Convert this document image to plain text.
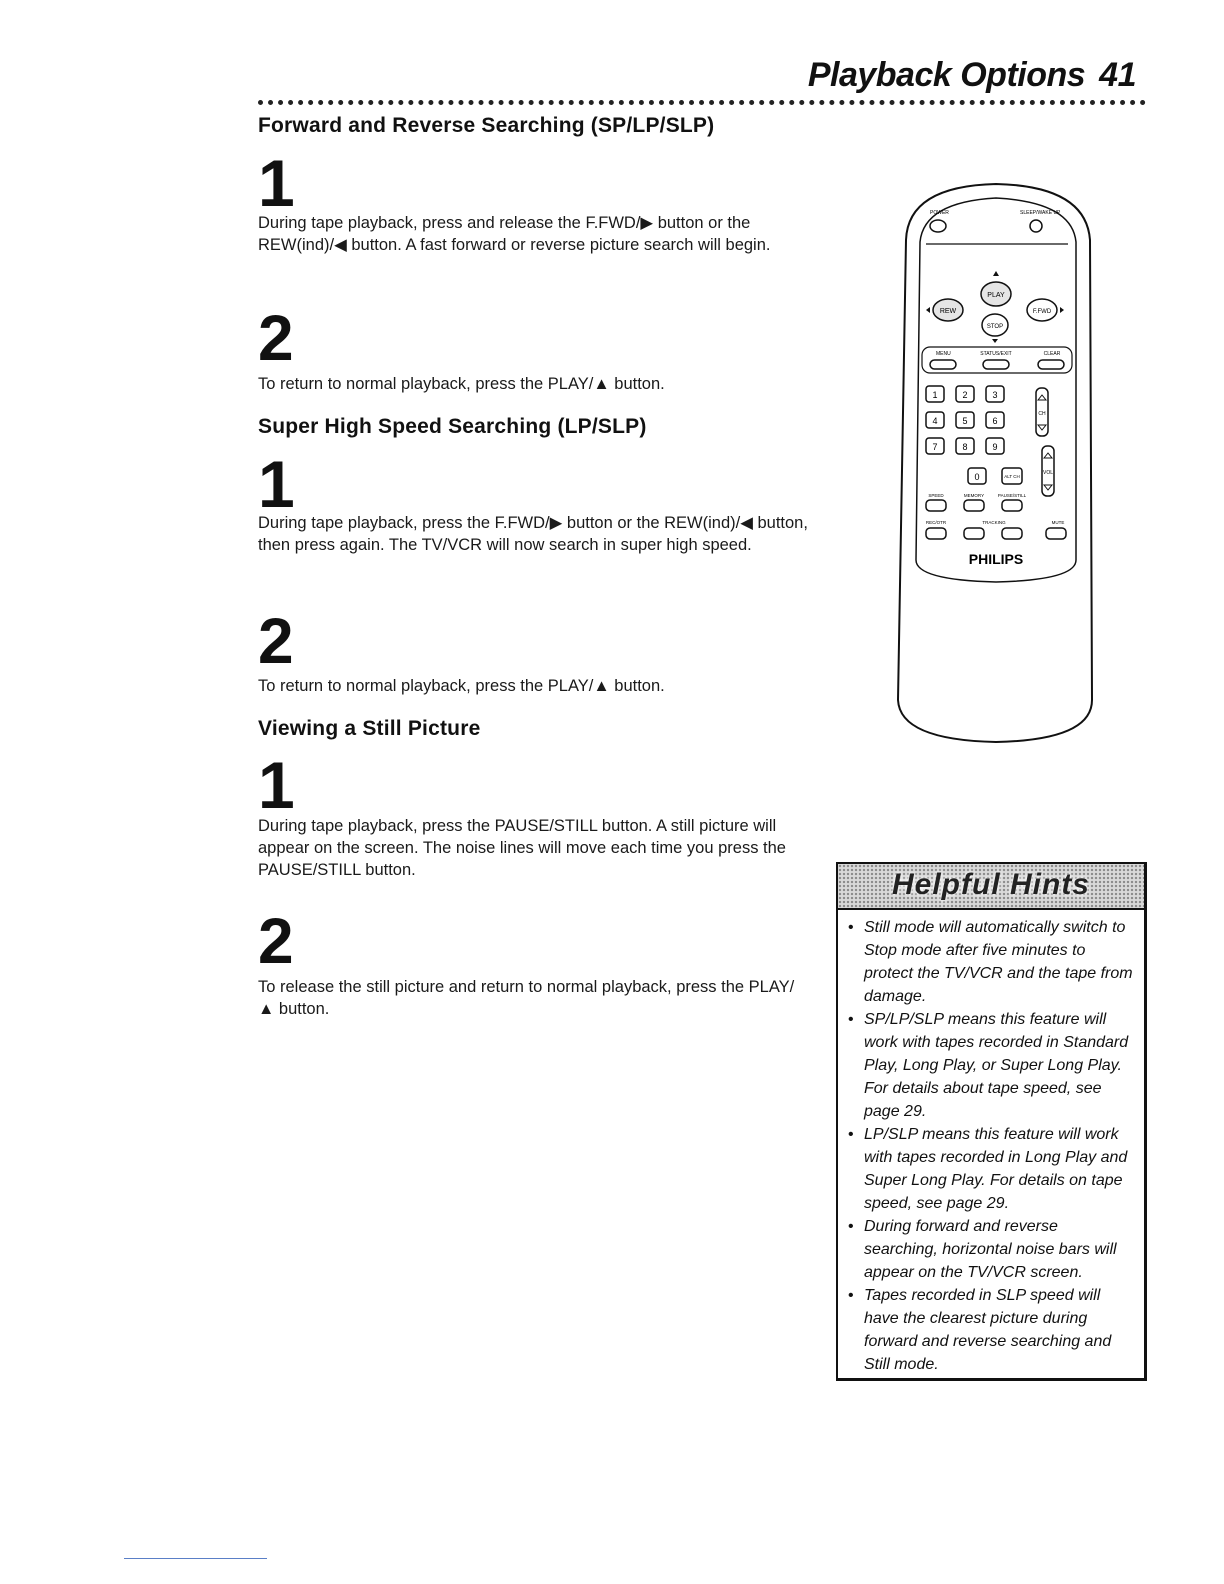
Playback Options 41
Forward and Reverse Searching (SP/LP/SLP)
1
During tape playback, press and release the F.FWD/▶ button or the REW(ind)/◀ button. A fast forward or reverse picture search will begin.
2
To return to normal playback, press the PLAY/▲ button.
Super High Speed Searching (LP/SLP)
1
During tape playback, press the F.FWD/▶ button or the REW(ind)/◀ button, then press again. The TV/VCR will now search in super high speed.
2
To return to normal playback, press the PLAY/▲ button.
Viewing a Still Picture
1
During tape playback, press the PAUSE/STILL button. A still picture will appear on the screen. The noise lines will move each time you press the PAUSE/STILL button.
2
To release the still picture and return to normal playback, press the PLAY/▲ button.
POWER	SLEEP/WAKE UP
PLAY
REW	F.FWD
STOP
MENU	STATUS/EXIT	CLEAR
1	2	3
4	5	6
7	8	9
0	ALT CH
CH
VOL
SPEED	MEMORY	PAUSE/STILL
REC/OTR	TRACKING	MUTE
PHILIPS
Helpful Hints
• Still mode will automatically switch to Stop mode after five minutes to protect the TV/VCR and the tape from damage.
• SP/LP/SLP means this feature will work with tapes recorded in Standard Play, Long Play, or Super Long Play. For details about tape speed, see page 29.
• LP/SLP means this feature will work with tapes recorded in Long Play and Super Long Play. For details on tape speed, see page 29.
• During forward and reverse searching, horizontal noise bars will appear on the TV/VCR screen.
• Tapes recorded in SLP speed will have the clearest picture during forward and reverse searching and Still mode.
